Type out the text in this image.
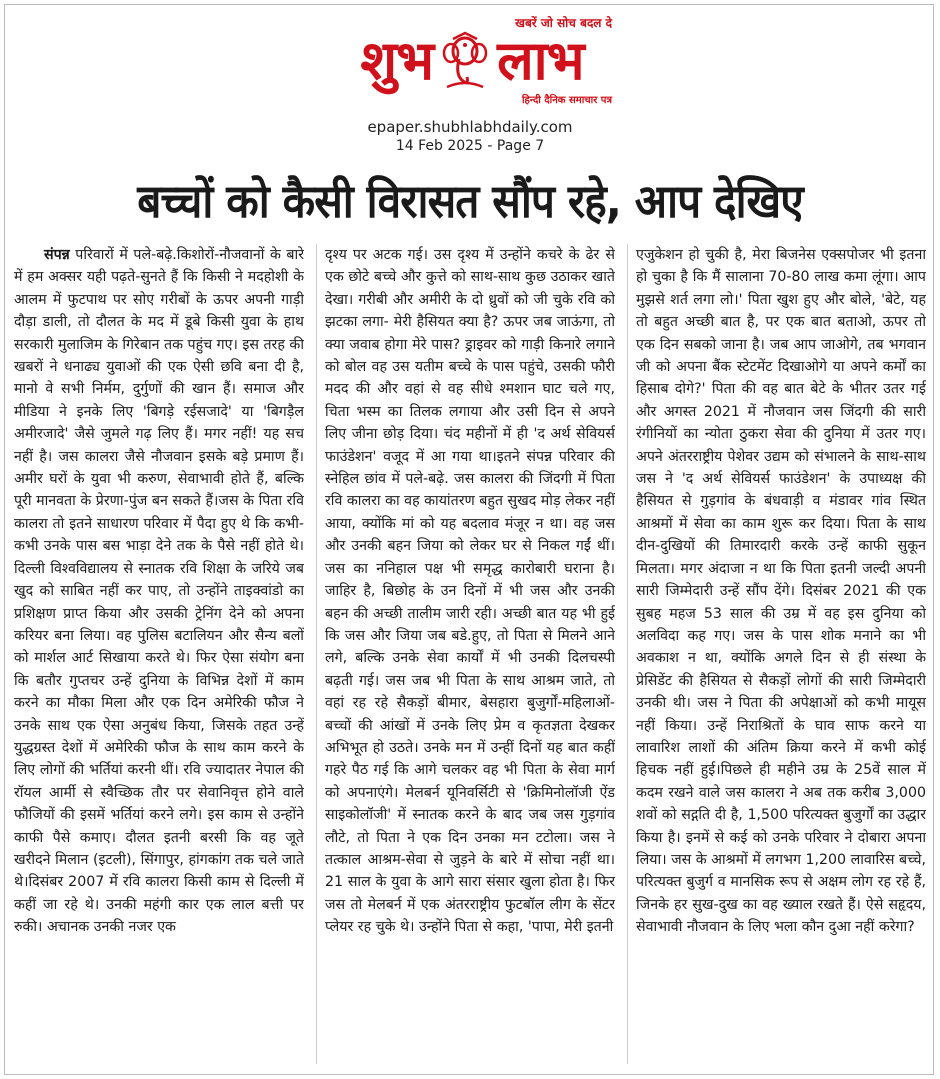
खबरें जो सोच बदल दे
शुभ लाभ
हिन्दी दैनिक समाचार पत्र
epaper.shubhlabhdaily.com
14 Feb 2025 - Page 7
बच्चों को कैसी विरासत सौंप रहे, आप देखिए
संपन्न परिवारों में पले-बढ़े.किशोरों-नौजवानों के बारे में हम अक्सर यही पढ़ते-सुनते हैं कि किसी ने मदहोशी के आलम में फुटपाथ पर सोए गरीबों के ऊपर अपनी गाड़ी दौड़ा डाली, तो दौलत के मद में डूबे किसी युवा के हाथ सरकारी मुलाजिम के गिरेबान तक पहुंच गए। इस तरह की खबरों ने धनाढ्य युवाओं की एक ऐसी छवि बना दी है, मानो वे सभी निर्मम, दुर्गुणों की खान हैं। समाज और मीडिया ने इनके लिए 'बिगड़े रईसजादे' या 'बिगड़ैल अमीरजादे' जैसे जुमले गढ़ लिए हैं। मगर नहीं! यह सच नहीं है। जस कालरा जैसे नौजवान इसके बड़े प्रमाण हैं। अमीर घरों के युवा भी करुण, सेवाभावी होते हैं, बल्कि पूरी मानवता के प्रेरणा-पुंज बन सकते हैं।जस के पिता रवि कालरा तो इतने साधारण परिवार में पैदा हुए थे कि कभी-कभी उनके पास बस भाड़ा देने तक के पैसे नहीं होते थे। दिल्ली विश्वविद्यालय से स्नातक रवि शिक्षा के जरिये जब खुद को साबित नहीं कर पाए, तो उन्होंने ताइक्वांडो का प्रशिक्षण प्राप्त किया और उसकी ट्रेनिंग देने को अपना करियर बना लिया। वह पुलिस बटालियन और सैन्य बलों को मार्शल आर्ट सिखाया करते थे। फिर ऐसा संयोग बना कि बतौर गुप्तचर उन्हें दुनिया के विभिन्न देशों में काम करने का मौका मिला और एक दिन अमेरिकी फौज ने उनके साथ एक ऐसा अनुबंध किया, जिसके तहत उन्हें युद्धग्रस्त देशों में अमेरिकी फौज के साथ काम करने के लिए लोगों की भर्तियां करनी थीं। रवि ज्यादातर नेपाल की रॉयल आर्मी से स्वैच्छिक तौर पर सेवानिवृत्त होने वाले फौजियों की इसमें भर्तियां करने लगे। इस काम से उन्होंने काफी पैसे कमाए। दौलत इतनी बरसी कि वह जूते खरीदने मिलान (इटली), सिंगापुर, हांगकांग तक चले जाते थे।दिसंबर 2007 में रवि कालरा किसी काम से दिल्ली में कहीं जा रहे थे। उनकी महंगी कार एक लाल बत्ती पर रुकी। अचानक उनकी नजर एक
दृश्य पर अटक गई। उस दृश्य में उन्होंने कचरे के ढेर से एक छोटे बच्चे और कुत्ते को साथ-साथ कुछ उठाकर खाते देखा। गरीबी और अमीरी के दो ध्रुवों को जी चुके रवि को झटका लगा- मेरी हैसियत क्या है? ऊपर जब जाऊंगा, तो क्या जवाब होगा मेरे पास? ड्राइवर को गाड़ी किनारे लगाने को बोल वह उस यतीम बच्चे के पास पहुंचे, उसकी फौरी मदद की और वहां से वह सीधे श्मशान घाट चले गए, चिता भस्म का तिलक लगाया और उसी दिन से अपने लिए जीना छोड़ दिया। चंद महीनों में ही 'द अर्थ सेवियर्स फाउंडेशन' वजूद में आ गया था।इतने संपन्न परिवार की स्नेहिल छांव में पले-बढ़े. जस कालरा की जिंदगी में पिता रवि कालरा का वह कायांतरण बहुत सुखद मोड़ लेकर नहीं आया, क्योंकि मां को यह बदलाव मंजूर न था। वह जस और उनकी बहन जिया को लेकर घर से निकल गईं थीं। जस का ननिहाल पक्ष भी समृद्ध कारोबारी घराना है। जाहिर है, बिछोह के उन दिनों में भी जस और उनकी बहन की अच्छी तालीम जारी रही। अच्छी बात यह भी हुई कि जस और जिया जब बडे.हुए, तो पिता से मिलने आने लगे, बल्कि उनके सेवा कार्यों में भी उनकी दिलचस्पी बढ़ती गई। जस जब भी पिता के साथ आश्रम जाते, तो वहां रह रहे सैकड़ों बीमार, बेसहारा बुजुर्गों-महिलाओं-बच्चों की आंखों में उनके लिए प्रेम व कृतज्ञता देखकर अभिभूत हो उठते। उनके मन में उन्हीं दिनों यह बात कहीं गहरे पैठ गई कि आगे चलकर वह भी पिता के सेवा मार्ग को अपनाएंगे। मेलबर्न यूनिवर्सिटी से 'क्रिमिनोलॉजी ऐंड साइकोलॉजी' में स्नातक करने के बाद जब जस गुड़गांव लौटे, तो पिता ने एक दिन उनका मन टटोला। जस ने तत्काल आश्रम-सेवा से जुड़ने के बारे में सोचा नहीं था। 21 साल के युवा के आगे सारा संसार खुला होता है। फिर जस तो मेलबर्न में एक अंतरराष्ट्रीय फुटबॉल लीग के सेंटर प्लेयर रह चुके थे। उन्होंने पिता से कहा, 'पापा, मेरी इतनी
एजुकेशन हो चुकी है, मेरा बिजनेस एक्सपोजर भी इतना हो चुका है कि मैं सालाना 70-80 लाख कमा लूंगा। आप मुझसे शर्त लगा लो।' पिता खुश हुए और बोले, 'बेटे, यह तो बहुत अच्छी बात है, पर एक बात बताओ, ऊपर तो एक दिन सबको जाना है। जब आप जाओगे, तब भगवान जी को अपना बैंक स्टेटमेंट दिखाओगे या अपने कर्मों का हिसाब दोगे?' पिता की वह बात बेटे के भीतर उतर गई और अगस्त 2021 में नौजवान जस जिंदगी की सारी रंगीनियों का न्योता ठुकरा सेवा की दुनिया में उतर गए।अपने अंतरराष्ट्रीय पेशेवर उद्यम को संभालने के साथ-साथ जस ने 'द अर्थ सेवियर्स फाउंडेशन' के उपाध्यक्ष की हैसियत से गुड़गांव के बंधवाड़ी व मंडावर गांव स्थित आश्रमों में सेवा का काम शुरू कर दिया। पिता के साथ दीन-दुखियों की तिमारदारी करके उन्हें काफी सुकून मिलता। मगर अंदाजा न था कि पिता इतनी जल्दी अपनी सारी जिम्मेदारी उन्हें सौंप देंगे। दिसंबर 2021 की एक सुबह महज 53 साल की उम्र में वह इस दुनिया को अलविदा कह गए। जस के पास शोक मनाने का भी अवकाश न था, क्योंकि अगले दिन से ही संस्था के प्रेसिडेंट की हैसियत से सैकड़ों लोगों की सारी जिम्मेदारी उनकी थी। जस ने पिता की अपेक्षाओं को कभी मायूस नहीं किया। उन्हें निराश्रितों के घाव साफ करने या लावारिश लाशों की अंतिम क्रिया करने में कभी कोई हिचक नहीं हुई।पिछले ही महीने उम्र के 25वें साल में कदम रखने वाले जस कालरा ने अब तक करीब 3,000 शवों को सद्गति दी है, 1,500 परित्यक्त बुजुर्गों का उद्धार किया है। इनमें से कई को उनके परिवार ने दोबारा अपना लिया। जस के आश्रमों में लगभग 1,200 लावारिस बच्चे, परित्यक्त बुजुर्ग व मानसिक रूप से अक्षम लोग रह रहे हैं, जिनके हर सुख-दुख का वह ख्याल रखते हैं। ऐसे सहृदय, सेवाभावी नौजवान के लिए भला कौन दुआ नहीं करेगा?
